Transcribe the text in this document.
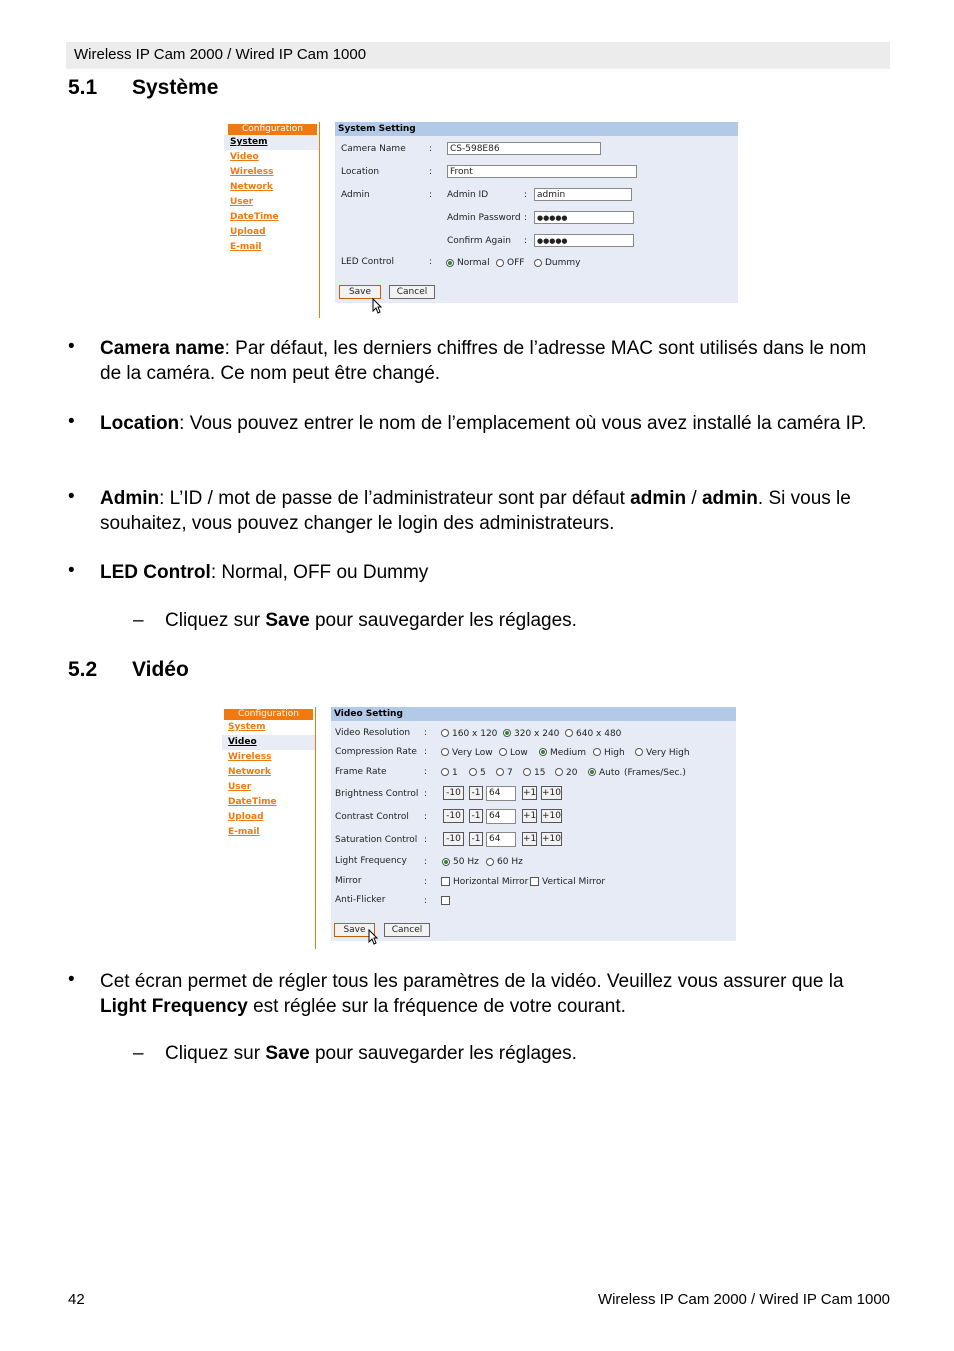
Wireless IP Cam 2000 / Wired IP Cam 1000
5.1 Système
Configuration
System
Video
Wireless
Network
User
DateTime
Upload
E-mail
System Setting
Camera Name	:	CS-598E86
Location	:	Front
Admin	: Admin ID	:	admin
Admin Password :	●●●●●
Confirm Again :	●●●●●
LED Control	:	Normal OFF Dummy
Save	Cancel
• Camera name: Par défaut, les derniers chiffres de l’adresse MAC sont utilisés dans le nom de la caméra. Ce nom peut être changé.
• Location: Vous pouvez entrer le nom de l’emplacement où vous avez installé la caméra IP.
• Admin: L’ID / mot de passe de l’administrateur sont par défaut admin / admin. Si vous le souhaitez, vous pouvez changer le login des administrateurs.
• LED Control: Normal, OFF ou Dummy
– Cliquez sur Save pour sauvegarder les réglages.
5.2 Vidéo
Configuration
System
Video
Wireless
Network
User
DateTime
Upload
E-mail
Video Setting
Video Resolution :	160 x 120 320 x 240 640 x 480
Compression Rate :	Very Low Low Medium High Very High
Frame Rate	:	1 5 7 15 20 Auto (Frames/Sec.)
Brightness Control :	-10	-1 64	+1 +10
Contrast Control :	-10	-1 64	+1 +10
Saturation Control :	-10	-1 64	+1 +10
Light Frequency :	50 Hz 60 Hz
Mirror	:	Horizontal Mirror Vertical Mirror
Anti-Flicker	:
Save	Cancel
• Cet écran permet de régler tous les paramètres de la vidéo. Veuillez vous assurer que la Light Frequency est réglée sur la fréquence de votre courant.
– Cliquez sur Save pour sauvegarder les réglages.
42	Wireless IP Cam 2000 / Wired IP Cam 1000
